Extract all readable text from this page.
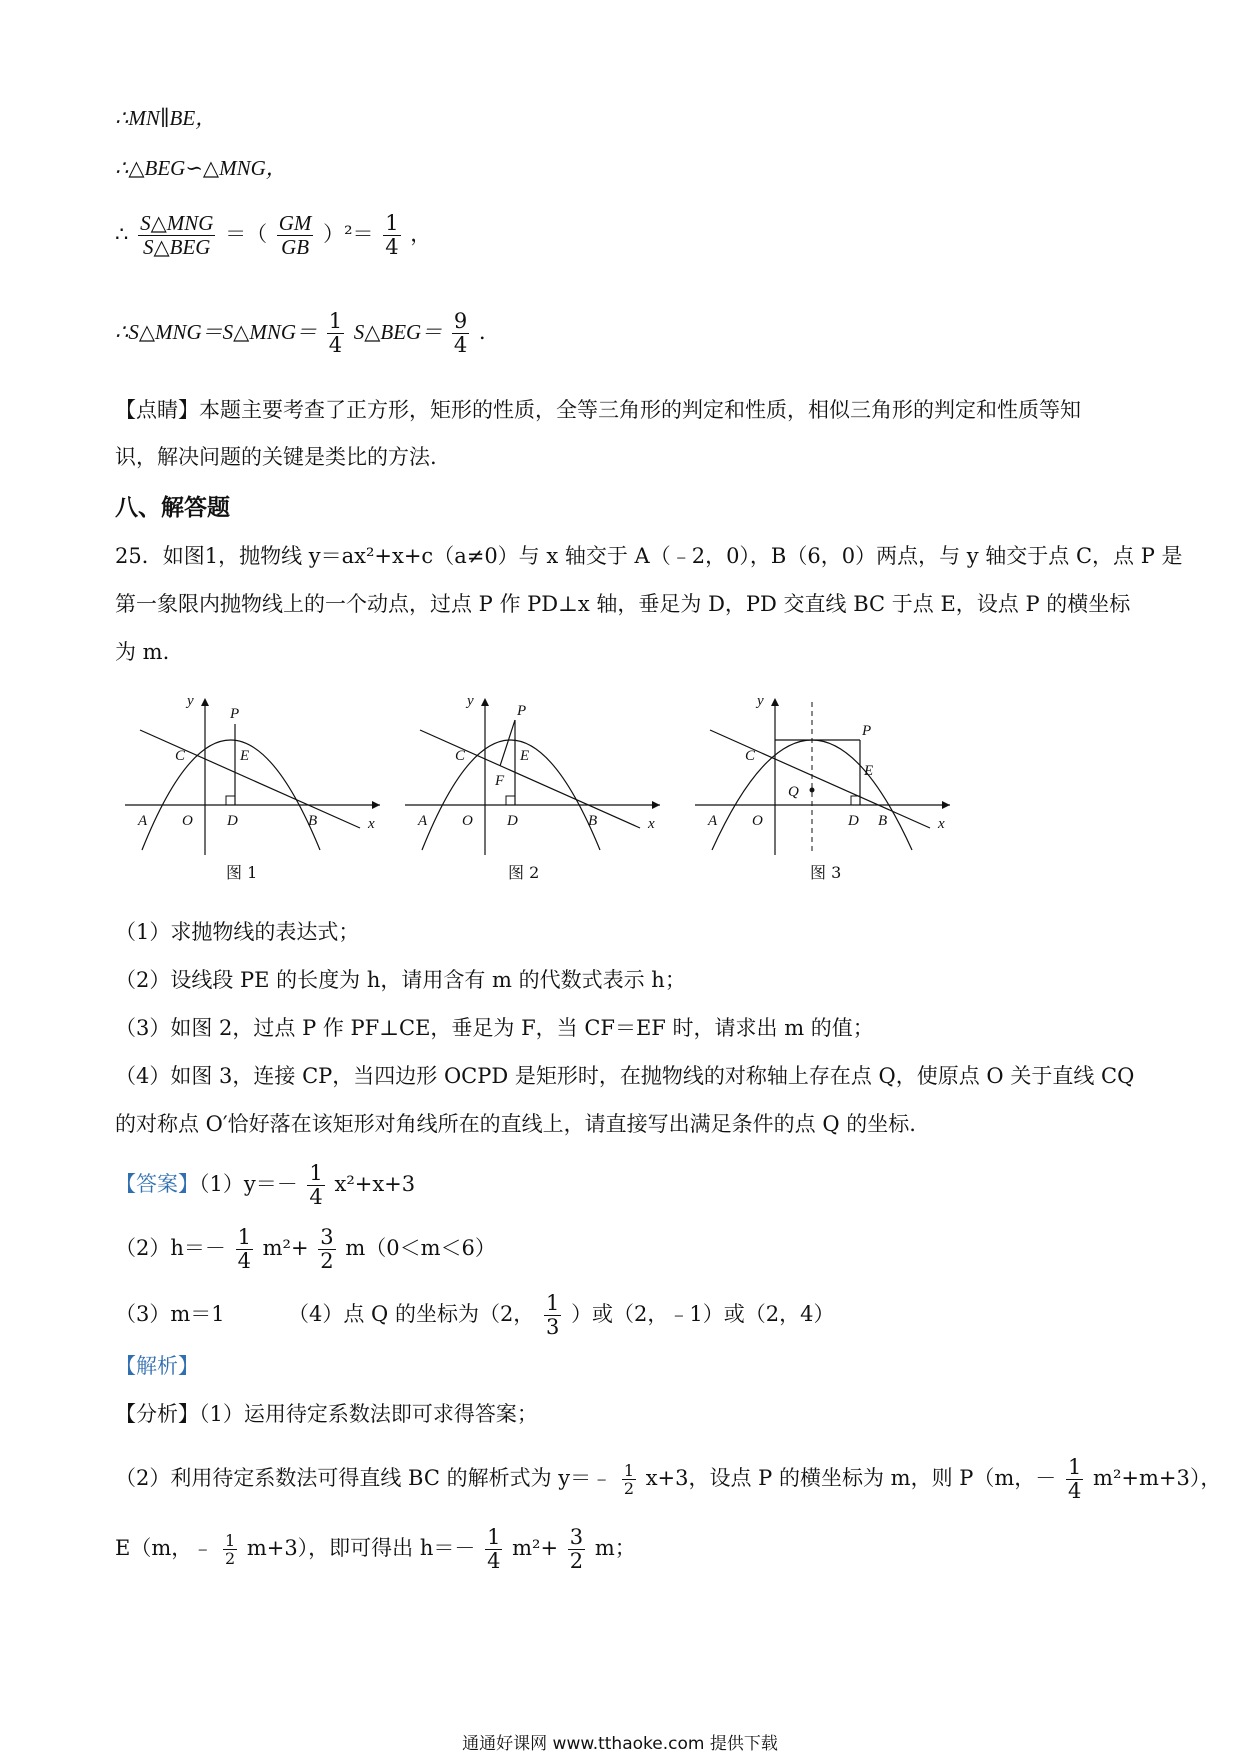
∴MN∥BE，
∴△BEG∽△MNG，
∴ $\frac{\text{S△MNG}}{\text{S△BEG}}$ ＝（ $\frac{GM}{GB} )^2= \frac{1}{4}$ ，
∴S△MNG＝S△MNG＝ $\frac{1}{4}$ S△BEG＝ $\frac{9}{4}$ ．
【点睛】本题主要考查了正方形，矩形的性质，全等三角形的判定和性质，相似三角形的判定和性质等知
识，解决问题的关键是类比的方法.
八、解答题
25．如图1，抛物线 y＝ax²+x+c（a≠0）与 x 轴交于 A（﹣2，0），B（6，0）两点，与 y 轴交于点 C，点 P 是
第一象限内抛物线上的一个动点，过点 P 作 PD⊥x 轴，垂足为 D，PD 交直线 BC 于点 E，设点 P 的横坐标
为 m.
y
P
C	E
A O D	B	x
图 1
y
P
C	E
F
A O D	B	x
图 2
y
P
C
E
Q
A O	D B	x
图 3
（1）求抛物线的表达式；
（2）设线段 PE 的长度为 h，请用含有 m 的代数式表示 h；
（3）如图 2，过点 P 作 PF⊥CE，垂足为 F，当 CF＝EF 时，请求出 m 的值；
（4）如图 3，连接 CP，当四边形 OCPD 是矩形时，在抛物线的对称轴上存在点 Q，使原点 O 关于直线 CQ
的对称点 O′恰好落在该矩形对角线所在的直线上，请直接写出满足条件的点 Q 的坐标.
【答案】$(1)y=- \frac{1}{4} x^2+x+3$
$(2)h=- \frac{1}{4} m^2+ \frac{3}{2} m(0<m<6)$
（3）m＝1	（4）点 Q 的坐标为（2， $\frac{1}{3}$ ）或（2，﹣1）或（2，4）
【解析】
【分析】（1）运用待定系数法即可求得答案；
（2）利用待定系数法可得直线 BC 的解析式为 y＝﹣ $\frac{1}{2} x+3$，设点 P 的横坐标为 m，则 P（m，－ $\frac{1}{4} m^2+m+3$），
E（m，﹣ $\frac{1}{2} m+3$），即可得出 $h=- \frac{1}{4} m^2+ \frac{3}{2}$ m；
通通好课网 www.tthaoke.com 提供下载
